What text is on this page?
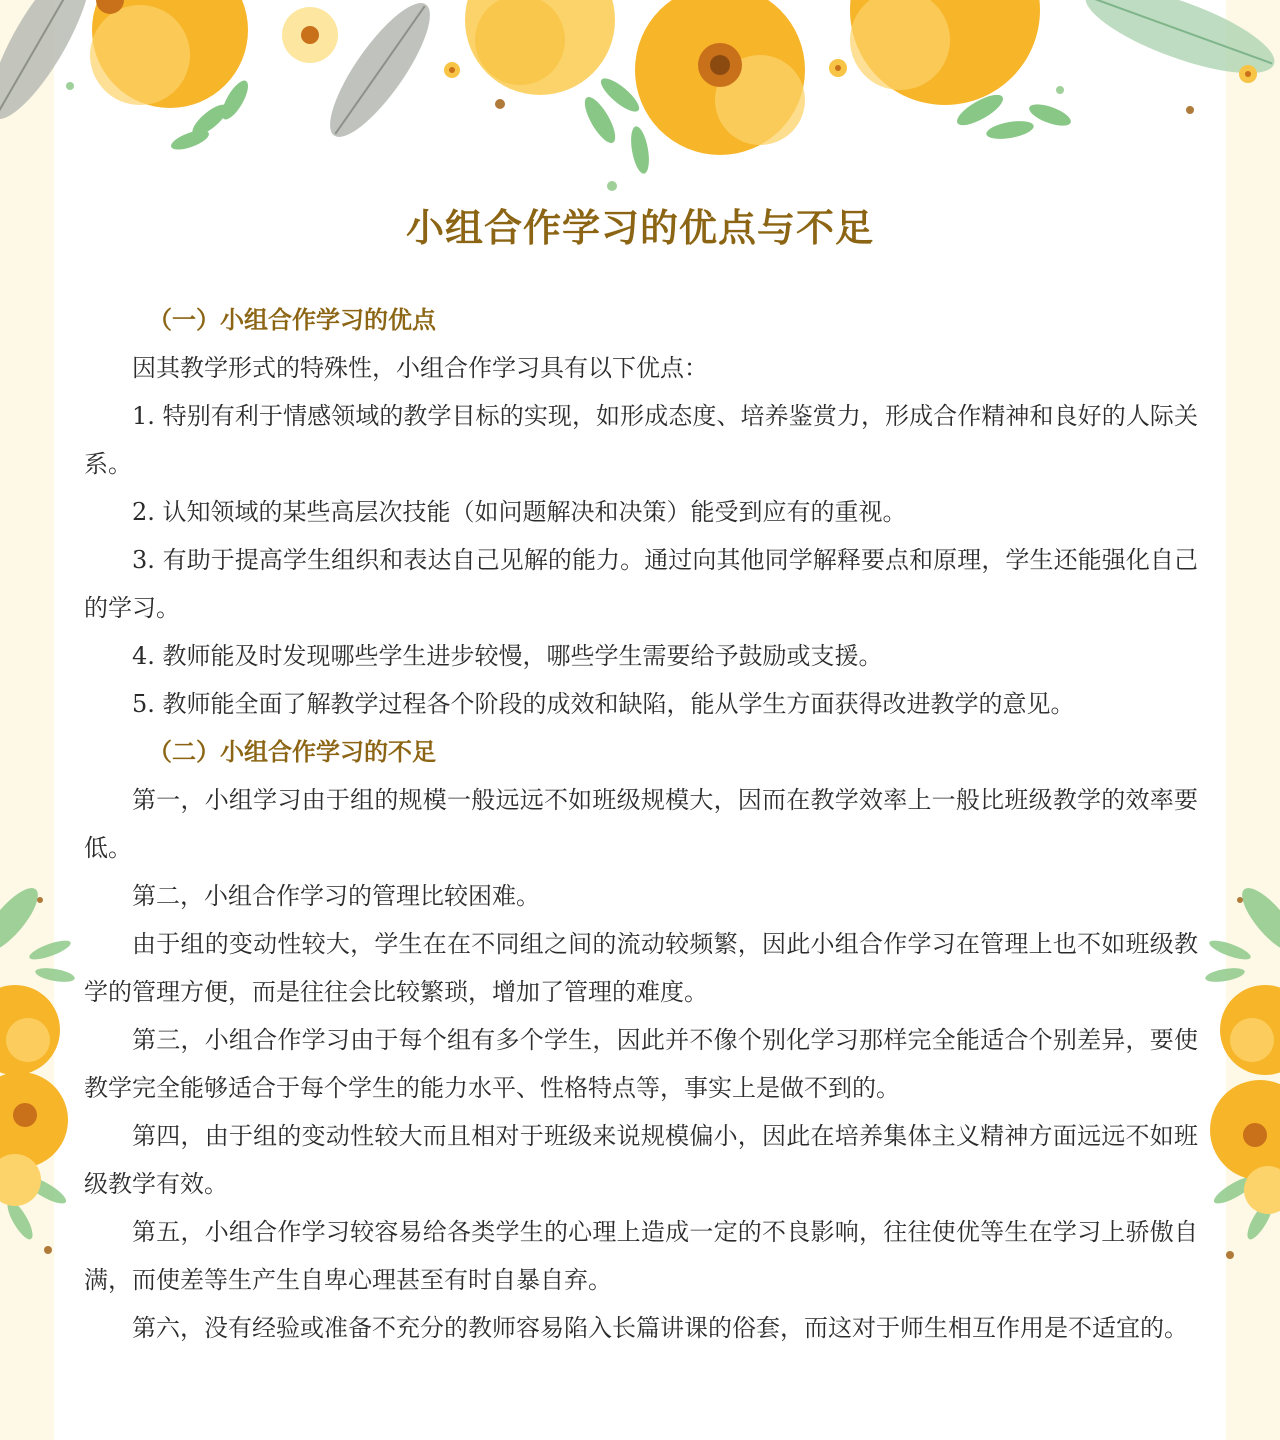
小组合作学习的优点与不足
（一）小组合作学习的优点

因其教学形式的特殊性，小组合作学习具有以下优点：

1. 特别有利于情感领域的教学目标的实现，如形成态度、培养鉴赏力，形成合作精神和良好的人际关系。

2. 认知领域的某些高层次技能（如问题解决和决策）能受到应有的重视。

3. 有助于提高学生组织和表达自己见解的能力。通过向其他同学解释要点和原理，学生还能强化自己的学习。

4. 教师能及时发现哪些学生进步较慢，哪些学生需要给予鼓励或支援。

5. 教师能全面了解教学过程各个阶段的成效和缺陷，能从学生方面获得改进教学的意见。

（二）小组合作学习的不足

第一，小组学习由于组的规模一般远远不如班级规模大，因而在教学效率上一般比班级教学的效率要低。

第二，小组合作学习的管理比较困难。

由于组的变动性较大，学生在在不同组之间的流动较频繁，因此小组合作学习在管理上也不如班级教学的管理方便，而是往往会比较繁琐，增加了管理的难度。

第三，小组合作学习由于每个组有多个学生，因此并不像个别化学习那样完全能适合个别差异，要使教学完全能够适合于每个学生的能力水平、性格特点等，事实上是做不到的。

第四，由于组的变动性较大而且相对于班级来说规模偏小，因此在培养集体主义精神方面远远不如班级教学有效。

第五，小组合作学习较容易给各类学生的心理上造成一定的不良影响，往往使优等生在学习上骄傲自满，而使差等生产生自卑心理甚至有时自暴自弃。

第六，没有经验或准备不充分的教师容易陷入长篇讲课的俗套，而这对于师生相互作用是不适宜的。
